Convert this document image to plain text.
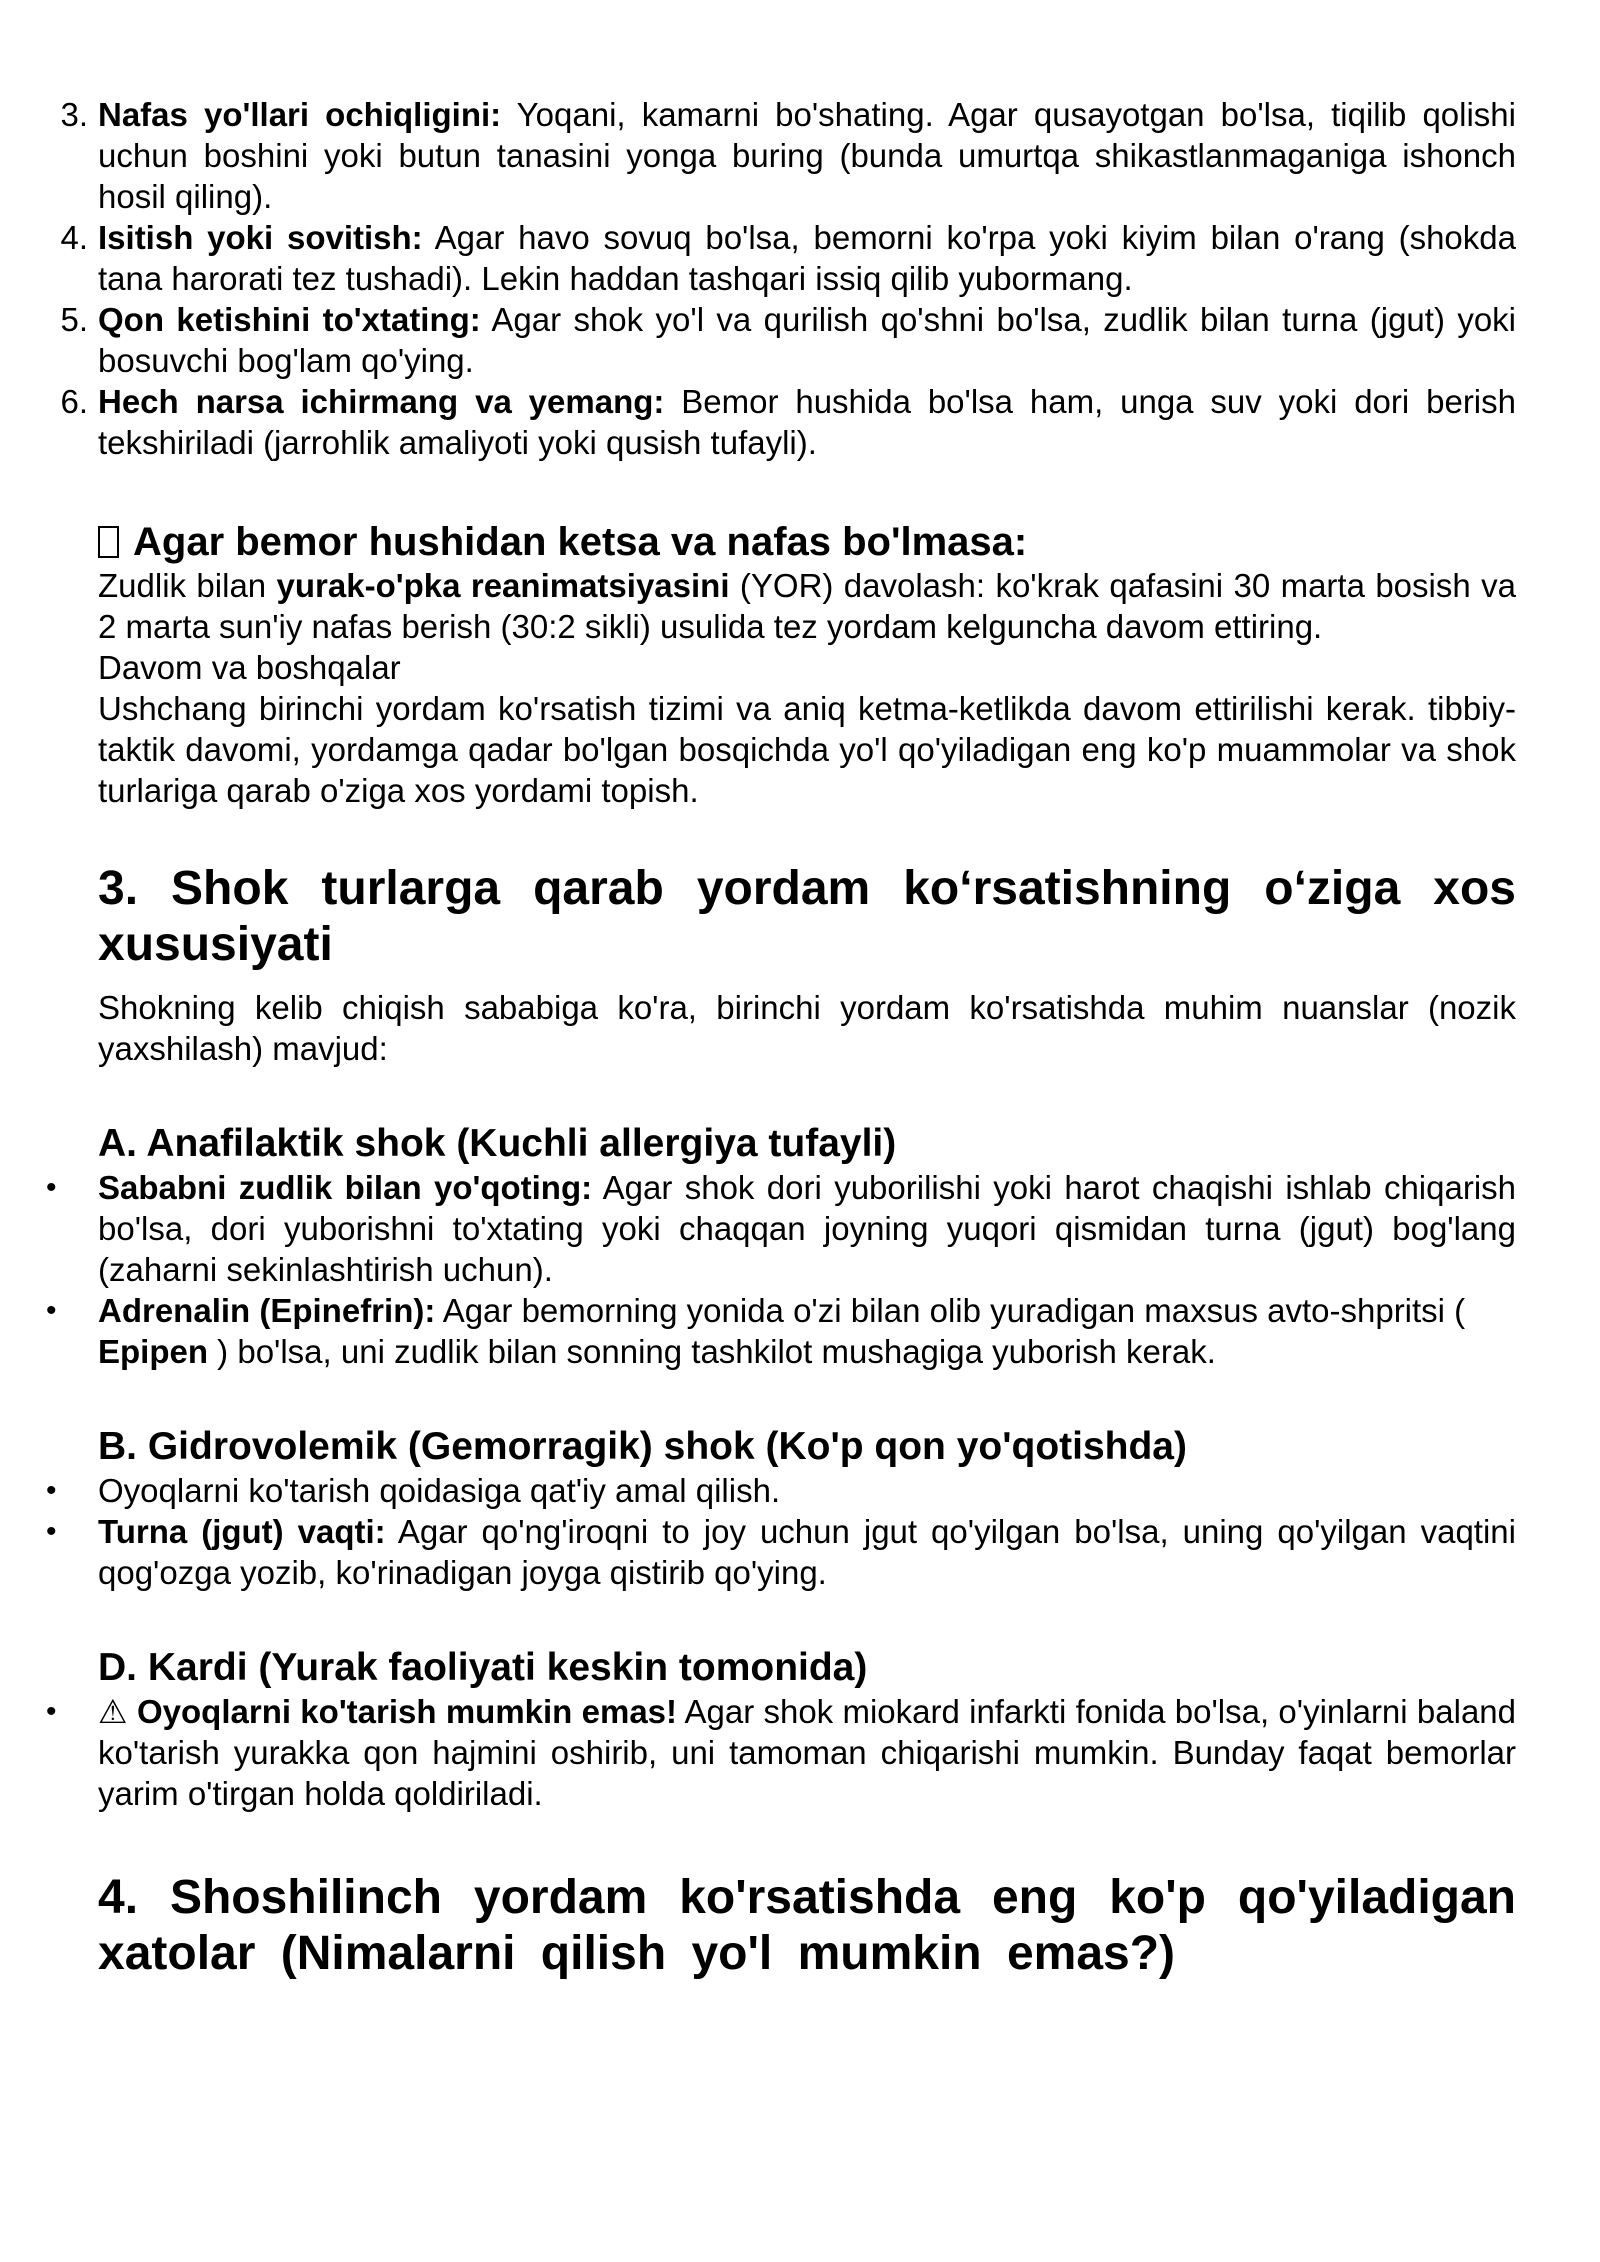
3. Nafas yo'llari ochiqligini: Yoqani, kamarni bo'shating. Agar qusayotgan bo'lsa, tiqilib qolishi uchun boshini yoki butun tanasini yonga buring (bunda umurtqa shikastlanmaganiga ishonch hosil qiling).
4. Isitish yoki sovitish: Agar havo sovuq bo'lsa, bemorni ko'rpa yoki kiyim bilan o'rang (shokda tana harorati tez tushadi). Lekin haddan tashqari issiq qilib yubormang.
5. Qon ketishini to'xtating: Agar shok yo'l va qurilish qo'shni bo'lsa, zudlik bilan turna (jgut) yoki bosuvchi bog'lam qo'ying.
6. Hech narsa ichirmang va yemang: Bemor hushida bo'lsa ham, unga suv yoki dori berish tekshiriladi (jarrohlik amaliyoti yoki qusish tufayli).
Agar bemor hushidan ketsa va nafas bo'lmasa:

Zudlik bilan yurak-o'pka reanimatsiyasini (YOR) davolash: ko'krak qafasini 30 marta bosish va 2 marta sun'iy nafas berish (30:2 sikli) usulida tez yordam kelguncha davom ettiring.

Davom va boshqalar

Ushchang birinchi yordam ko'rsatish tizimi va aniq ketma-ketlikda davom ettirilishi kerak. tibbiy-taktik davomi, yordamga qadar bo'lgan bosqichda yo'l qo'yiladigan eng ko'p muammolar va shok turlariga qarab o'ziga xos yordami topish.

3. Shok turlarga qarab yordam ko‘rsatishning o‘ziga xos xususiyati

Shokning kelib chiqish sababiga ko'ra, birinchi yordam ko'rsatishda muhim nuanslar (nozik yaxshilash) mavjud:

A. Anafilaktik shok (Kuchli allergiya tufayli)
• Sababni zudlik bilan yo'qoting: Agar shok dori yuborilishi yoki harot chaqishi ishlab chiqarish bo'lsa, dori yuborishni to'xtating yoki chaqqan joyning yuqori qismidan turna (jgut) bog'lang (zaharni sekinlashtirish uchun).
• Adrenalin (Epinefrin): Agar bemorning yonida o'zi bilan olib yuradigan maxsus avto-shpritsi ( Epipen ) bo'lsa, uni zudlik bilan sonning tashkilot mushagiga yuborish kerak.
B. Gidrovolemik (Gemorragik) shok (Ko'p qon yo'qotishda)
• Oyoqlarni ko'tarish qoidasiga qat'iy amal qilish.
• Turna (jgut) vaqti: Agar qo'ng'iroqni to joy uchun jgut qo'yilgan bo'lsa, uning qo'yilgan vaqtini qog'ozga yozib, ko'rinadigan joyga qistirib qo'ying.
D. Kardi (Yurak faoliyati keskin tomonida)
• ⚠ Oyoqlarni ko'tarish mumkin emas! Agar shok miokard infarkti fonida bo'lsa, o'yinlarni baland ko'tarish yurakka qon hajmini oshirib, uni tamoman chiqarishi mumkin. Bunday faqat bemorlar yarim o'tirgan holda qoldiriladi.
4. Shoshilinch yordam ko'rsatishda eng ko'p qo'yiladigan xatolar (Nimalarni qilish yo'l mumkin emas?)
